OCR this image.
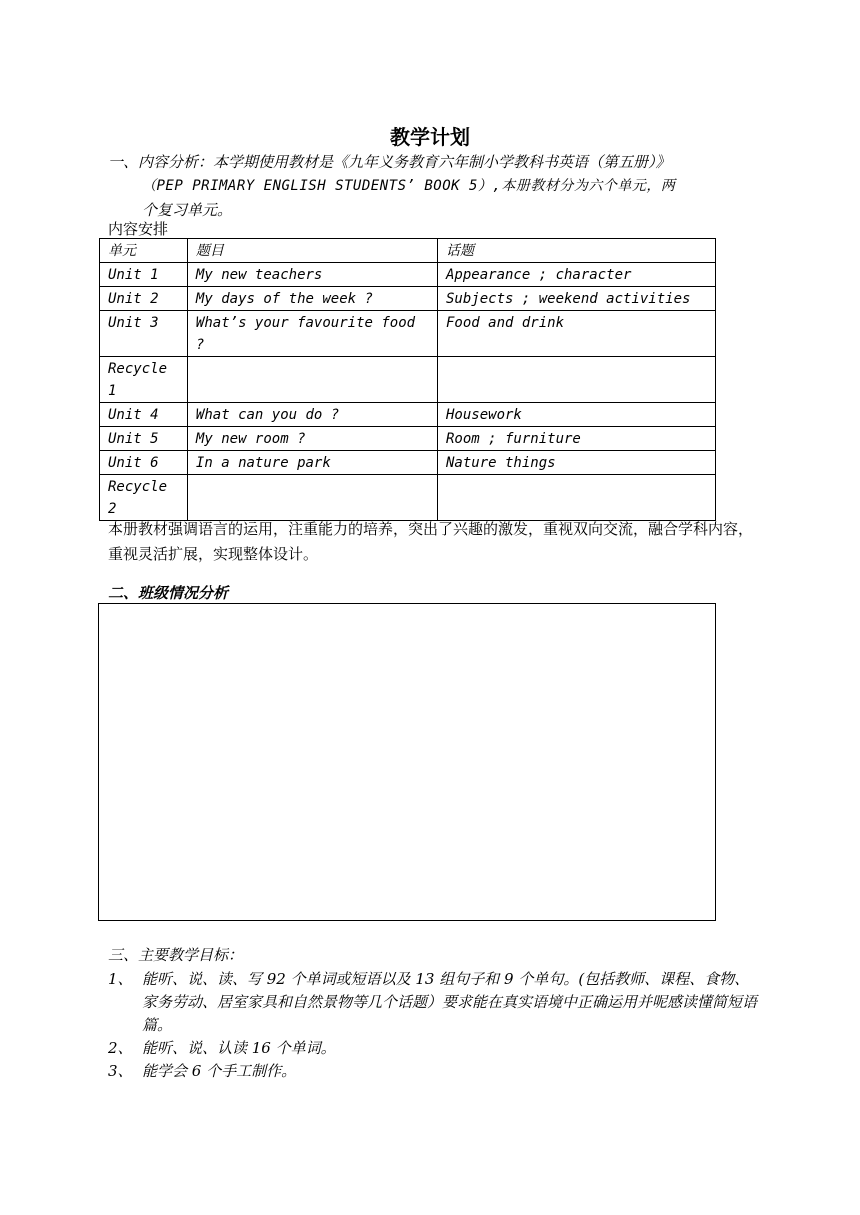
教学计划
一、内容分析：本学期使用教材是《九年义务教育六年制小学教科书英语（第五册）》
（PEP PRIMARY ENGLISH STUDENTS’ BOOK 5）,本册教材分为六个单元，两
个复习单元。
内容安排
单元	题目	话题
Unit 1	My new teachers	Appearance ; character
Unit 2	My days of the week ?	Subjects ; weekend activities
Unit 3	What’s your favourite food ?	Food and drink
Recycle 1		
Unit 4	What can you do ?	Housework
Unit 5	My new room ?	Room ; furniture
Unit 6	In a nature park	Nature things
Recycle 2		
本册教材强调语言的运用，注重能力的培养，突出了兴趣的激发，重视双向交流，融合学科内容，重视灵活扩展，实现整体设计。
二、班级情况分析
三、主要教学目标：
1、 能听、说、读、写 92 个单词或短语以及 13 组句子和 9 个单句。(包括教师、课程、食物、家务劳动、居室家具和自然景物等几个话题）要求能在真实语境中正确运用并呢感读懂简短语篇。
2、 能听、说、认读 16 个单词。
3、 能学会 6 个手工制作。
